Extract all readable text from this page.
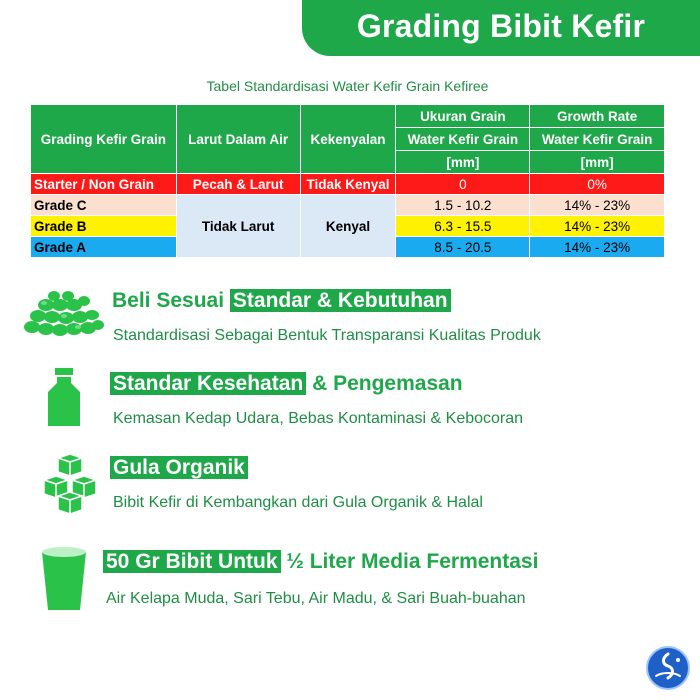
Grading Bibit Kefir
Tabel Standardisasi Water Kefir Grain Kefiree
Grading Kefir Grain	Larut Dalam Air	Kekenyalan	Ukuran Grain	Growth Rate
			Water Kefir Grain	Water Kefir Grain
			[mm]	[mm]
Starter / Non Grain	Pecah & Larut	Tidak Kenyal	0	0%
Grade C	Tidak Larut	Kenyal	1.5 - 10.2	14% - 23%
Grade B			6.3 - 15.5	14% - 23%
Grade A			8.5 - 20.5	14% - 23%
Beli Sesuai Standar & Kebutuhan
Standardisasi Sebagai Bentuk Transparansi Kualitas Produk
Standar Kesehatan & Pengemasan
Kemasan Kedap Udara, Bebas Kontaminasi & Kebocoran
Gula Organik
Bibit Kefir di Kembangkan dari Gula Organik & Halal
50 Gr Bibit Untuk ½ Liter Media Fermentasi
Air Kelapa Muda, Sari Tebu, Air Madu, & Sari Buah-buahan
